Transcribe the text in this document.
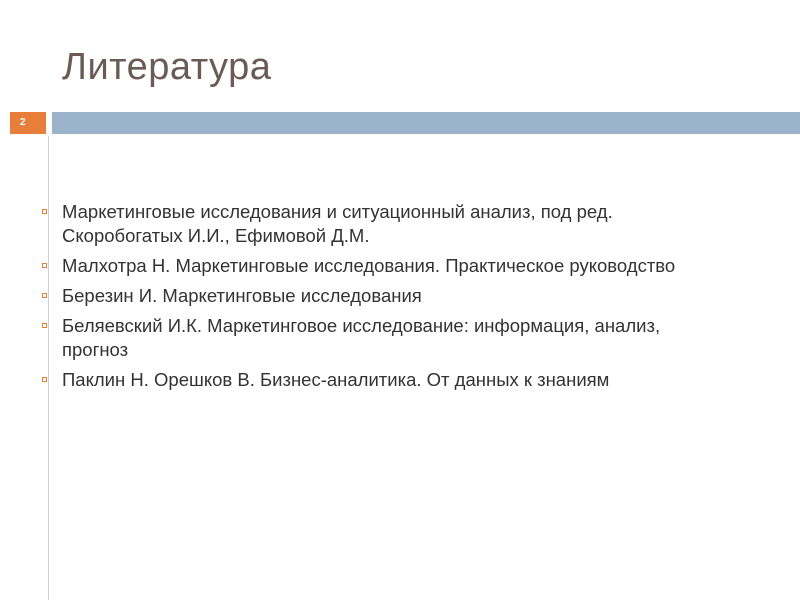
Литература
2
Маркетинговые исследования и ситуационный анализ, под ред. Скоробогатых И.И., Ефимовой Д.М.
Малхотра Н. Маркетинговые исследования. Практическое руководство
Березин И. Маркетинговые исследования
Беляевский И.К. Маркетинговое исследование: информация, анализ, прогноз
Паклин Н. Орешков В. Бизнес-аналитика. От данных к знаниям
